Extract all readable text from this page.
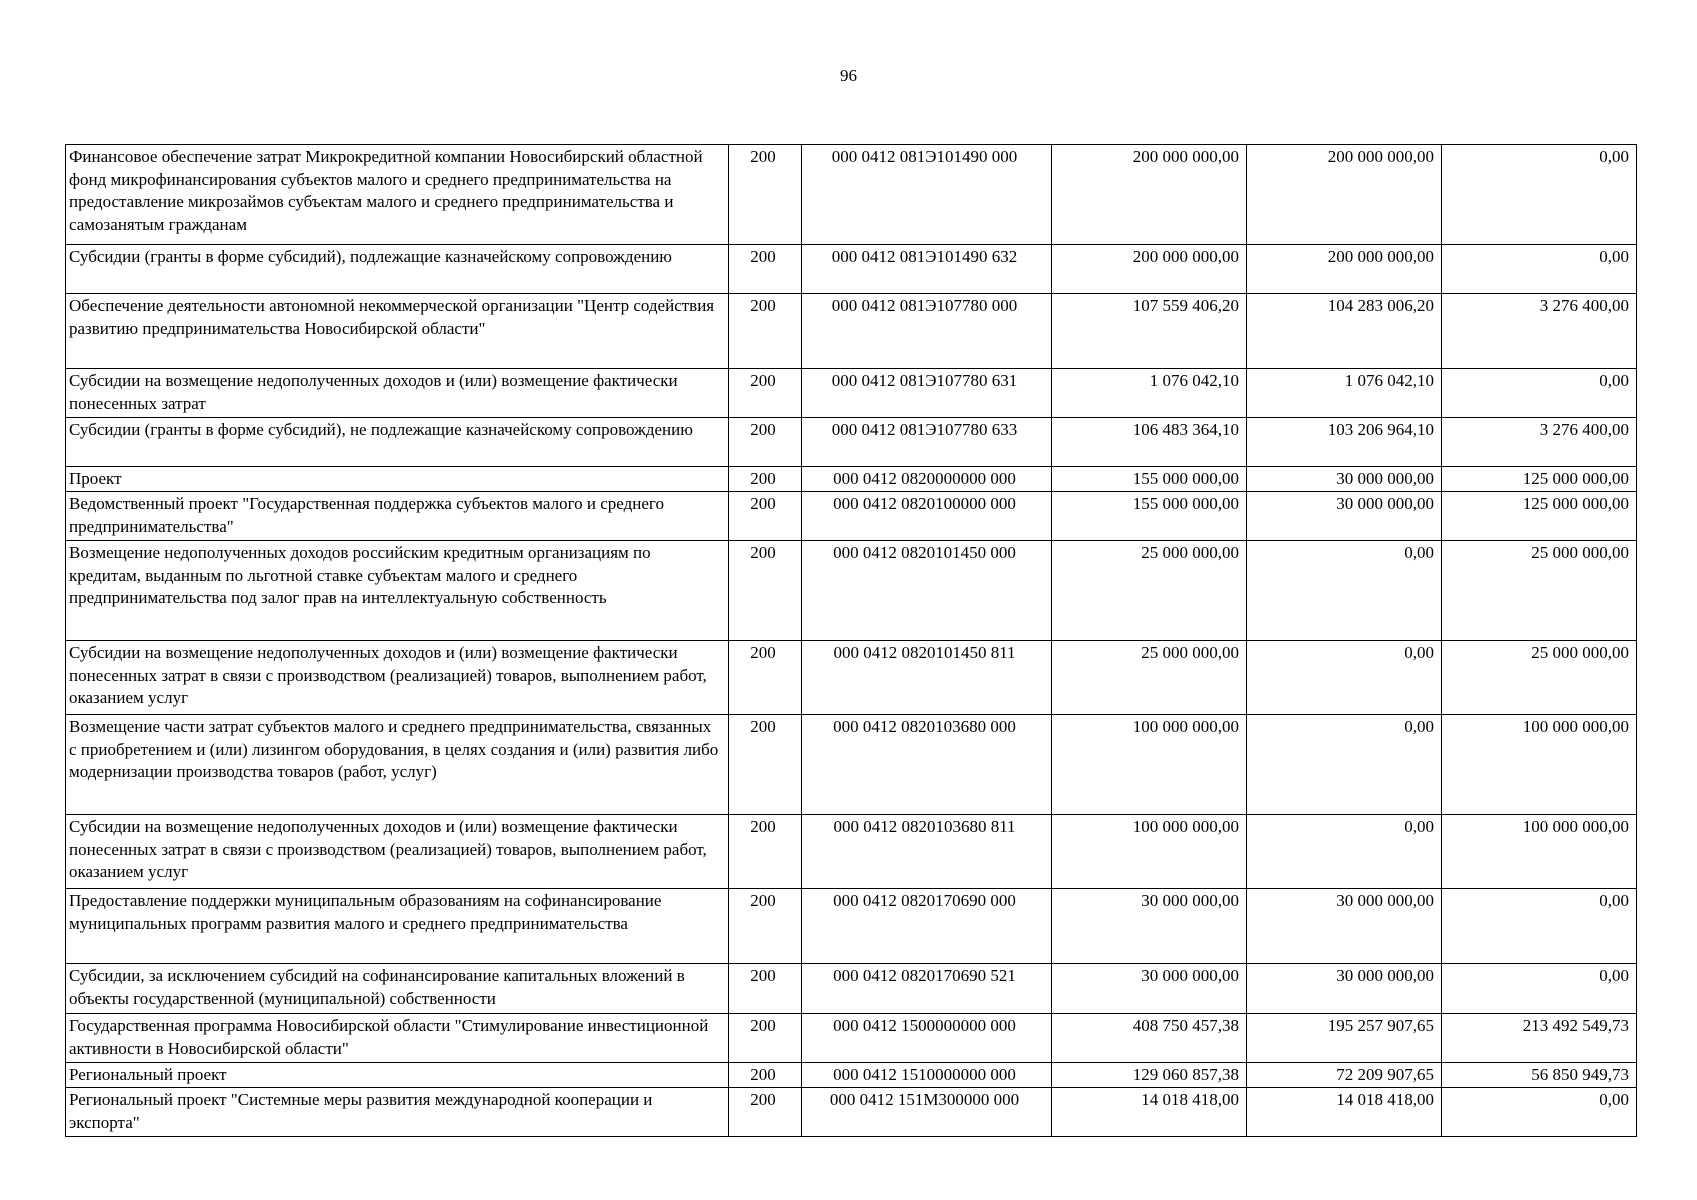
96
Финансовое обеспечение затрат Микрокредитной компании Новосибирский областной фонд микрофинансирования субъектов малого и среднего предпринимательства на предоставление микрозаймов субъектам малого и среднего предпринимательства и самозанятым гражданам	200	000 0412 081Э101490 000	200 000 000,00	200 000 000,00	0,00
Субсидии (гранты в форме субсидий), подлежащие казначейскому сопровождению	200	000 0412 081Э101490 632	200 000 000,00	200 000 000,00	0,00
Обеспечение деятельности автономной некоммерческой организации "Центр содействия развитию предпринимательства Новосибирской области"	200	000 0412 081Э107780 000	107 559 406,20	104 283 006,20	3 276 400,00
Субсидии на возмещение недополученных доходов и (или) возмещение фактически понесенных затрат	200	000 0412 081Э107780 631	1 076 042,10	1 076 042,10	0,00
Субсидии (гранты в форме субсидий), не подлежащие казначейскому сопровождению	200	000 0412 081Э107780 633	106 483 364,10	103 206 964,10	3 276 400,00
Проект	200	000 0412 0820000000 000	155 000 000,00	30 000 000,00	125 000 000,00
Ведомственный проект "Государственная поддержка субъектов малого и среднего предпринимательства"	200	000 0412 0820100000 000	155 000 000,00	30 000 000,00	125 000 000,00
Возмещение недополученных доходов российским кредитным организациям по кредитам, выданным по льготной ставке субъектам малого и среднего предпринимательства под залог прав на интеллектуальную собственность	200	000 0412 0820101450 000	25 000 000,00	0,00	25 000 000,00
Субсидии на возмещение недополученных доходов и (или) возмещение фактически понесенных затрат в связи с производством (реализацией) товаров, выполнением работ, оказанием услуг	200	000 0412 0820101450 811	25 000 000,00	0,00	25 000 000,00
Возмещение части затрат субъектов малого и среднего предпринимательства, связанных с приобретением и (или) лизингом оборудования, в целях создания и (или) развития либо модернизации производства товаров (работ, услуг)	200	000 0412 0820103680 000	100 000 000,00	0,00	100 000 000,00
Субсидии на возмещение недополученных доходов и (или) возмещение фактически понесенных затрат в связи с производством (реализацией) товаров, выполнением работ, оказанием услуг	200	000 0412 0820103680 811	100 000 000,00	0,00	100 000 000,00
Предоставление поддержки муниципальным образованиям на софинансирование муниципальных программ развития малого и среднего предпринимательства	200	000 0412 0820170690 000	30 000 000,00	30 000 000,00	0,00
Субсидии, за исключением субсидий на софинансирование капитальных вложений в объекты государственной (муниципальной) собственности	200	000 0412 0820170690 521	30 000 000,00	30 000 000,00	0,00
Государственная программа Новосибирской области "Стимулирование инвестиционной активности в Новосибирской области"	200	000 0412 1500000000 000	408 750 457,38	195 257 907,65	213 492 549,73
Региональный проект	200	000 0412 1510000000 000	129 060 857,38	72 209 907,65	56 850 949,73
Региональный проект "Системные меры развития международной кооперации и экспорта"	200	000 0412 151M300000 000	14 018 418,00	14 018 418,00	0,00
